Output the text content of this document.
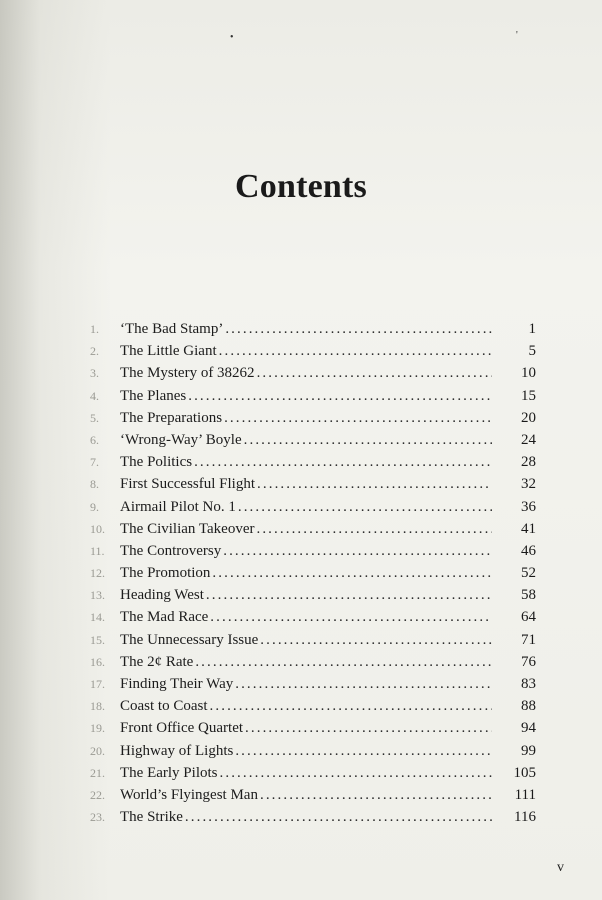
•	'
Contents
1.	‘The Bad Stamp’ .....	1
2.	The Little Giant .....	5
3.	The Mystery of 38262 .....	10
4.	The Planes .....	15
5.	The Preparations .....	20
6.	‘Wrong-Way’ Boyle .....	24
7.	The Politics .....	28
8.	First Successful Flight .....	32
9.	Airmail Pilot No. 1 .....	36
10.	The Civilian Takeover .....	41
11.	The Controversy .....	46
12.	The Promotion .....	52
13.	Heading West .....	58
14.	The Mad Race .....	64
15.	The Unnecessary Issue .....	71
16.	The 2¢ Rate .....	76
17.	Finding Their Way .....	83
18.	Coast to Coast .....	88
19.	Front Office Quartet .....	94
20.	Highway of Lights .....	99
21.	The Early Pilots .....	105
22.	World’s Flyingest Man .....	111
23.	The Strike .....	116
v
